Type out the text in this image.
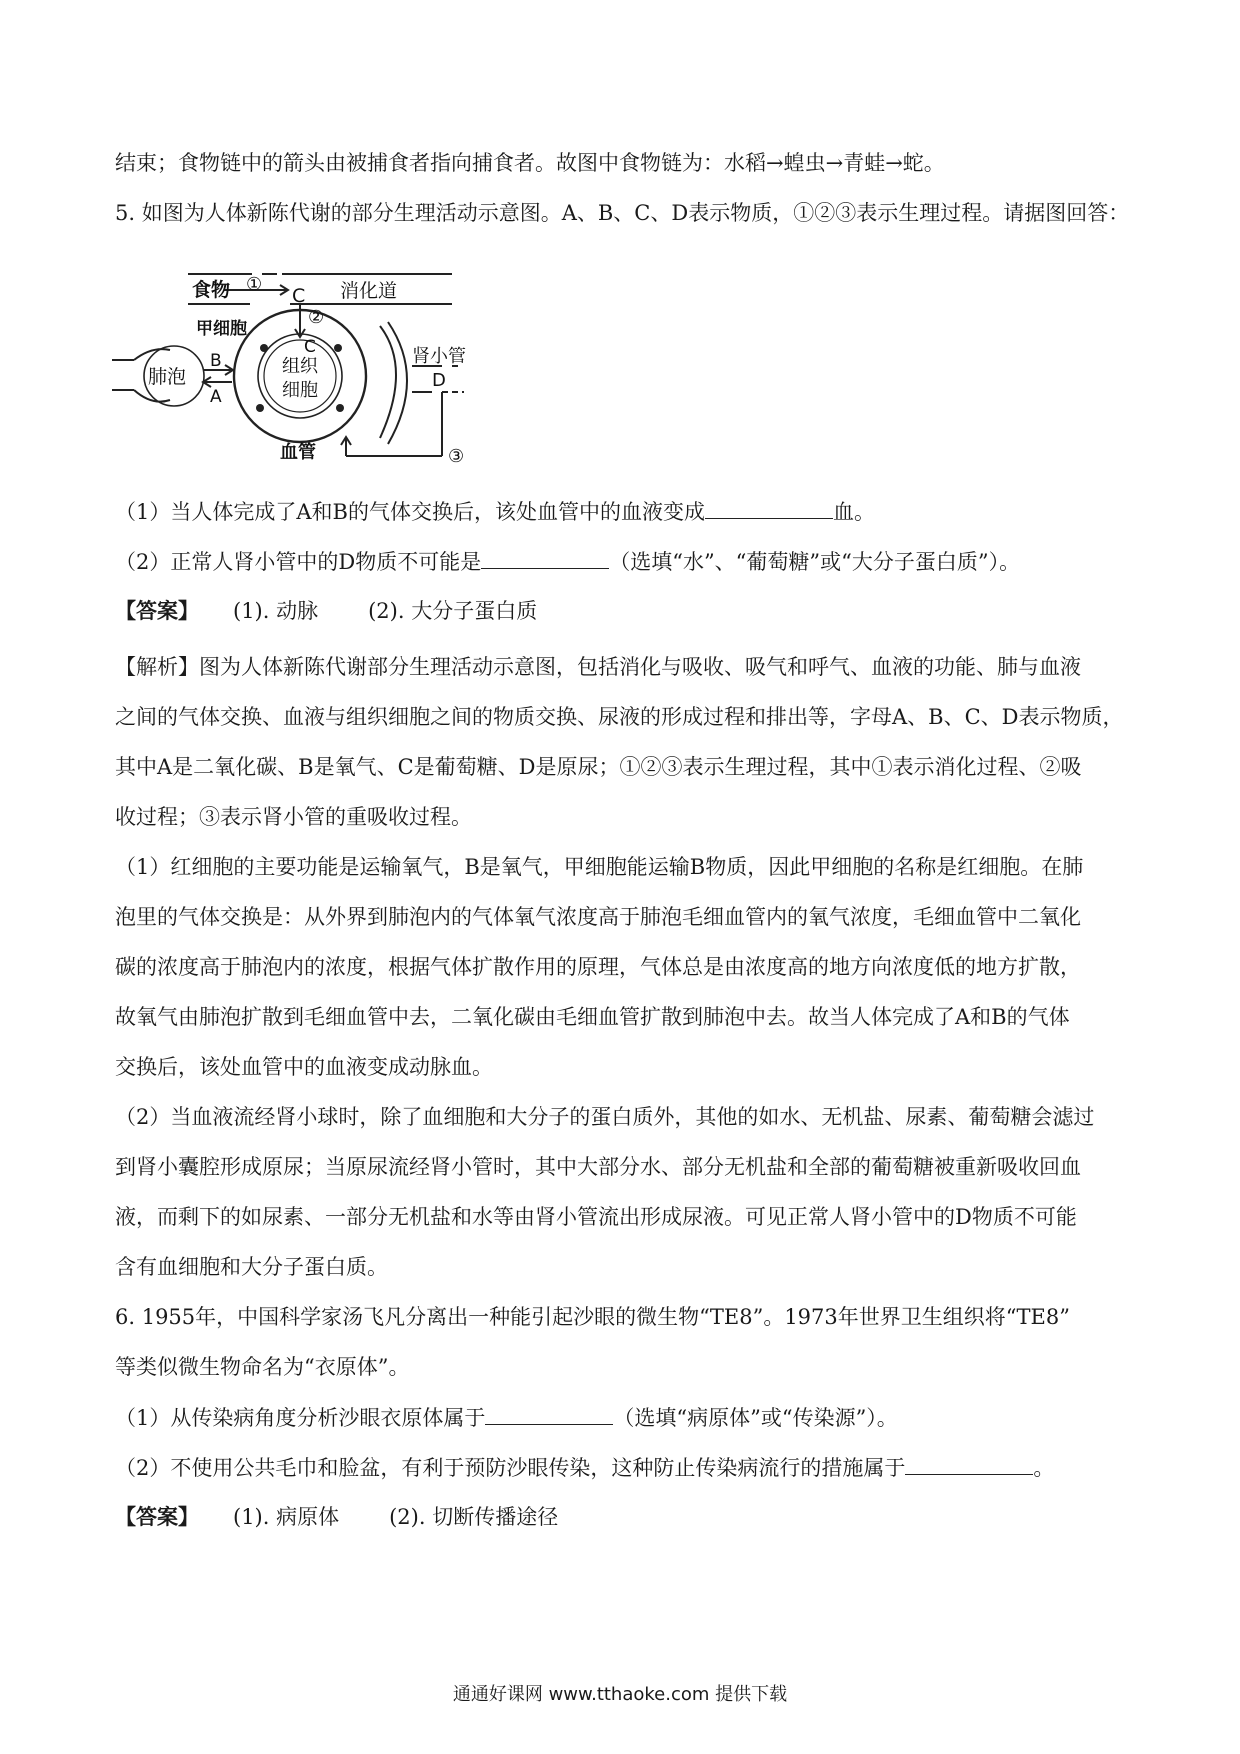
结束；食物链中的箭头由被捕食者指向捕食者。故图中食物链为：水稻→蝗虫→青蛙→蛇。
5. 如图为人体新陈代谢的部分生理活动示意图。A、B、C、D表示物质，①②③表示生理过程。请据图回答：
食物 ①
C 消化道
②
甲细胞
C
肺泡
B
A
组织
细胞
肾小管
D
血管	③
（1）当人体完成了A和B的气体交换后，该处血管中的血液变成	血。
（2）正常人肾小管中的D物质不可能是	（选填“水”、“葡萄糖”或“大分子蛋白质”）。
【答案】 (1). 动脉 (2). 大分子蛋白质
【解析】图为人体新陈代谢部分生理活动示意图，包括消化与吸收、吸气和呼气、血液的功能、肺与血液
之间的气体交换、血液与组织细胞之间的物质交换、尿液的形成过程和排出等，字母A、B、C、D表示物质，
其中A是二氧化碳、B是氧气、C是葡萄糖、D是原尿；①②③表示生理过程，其中①表示消化过程、②吸
收过程；③表示肾小管的重吸收过程。
（1）红细胞的主要功能是运输氧气，B是氧气，甲细胞能运输B物质，因此甲细胞的名称是红细胞。在肺
泡里的气体交换是：从外界到肺泡内的气体氧气浓度高于肺泡毛细血管内的氧气浓度，毛细血管中二氧化
碳的浓度高于肺泡内的浓度，根据气体扩散作用的原理，气体总是由浓度高的地方向浓度低的地方扩散，
故氧气由肺泡扩散到毛细血管中去，二氧化碳由毛细血管扩散到肺泡中去。故当人体完成了A和B的气体
交换后，该处血管中的血液变成动脉血。
（2）当血液流经肾小球时，除了血细胞和大分子的蛋白质外，其他的如水、无机盐、尿素、葡萄糖会滤过
到肾小囊腔形成原尿；当原尿流经肾小管时，其中大部分水、部分无机盐和全部的葡萄糖被重新吸收回血
液，而剩下的如尿素、一部分无机盐和水等由肾小管流出形成尿液。可见正常人肾小管中的D物质不可能
含有血细胞和大分子蛋白质。
6. 1955年，中国科学家汤飞凡分离出一种能引起沙眼的微生物“TE8”。1973年世界卫生组织将“TE8”
等类似微生物命名为“衣原体”。
（1）从传染病角度分析沙眼衣原体属于	（选填“病原体”或“传染源”）。
（2）不使用公共毛巾和脸盆，有利于预防沙眼传染，这种防止传染病流行的措施属于	。
【答案】 (1). 病原体 (2). 切断传播途径
通通好课网 www.tthaoke.com 提供下载
